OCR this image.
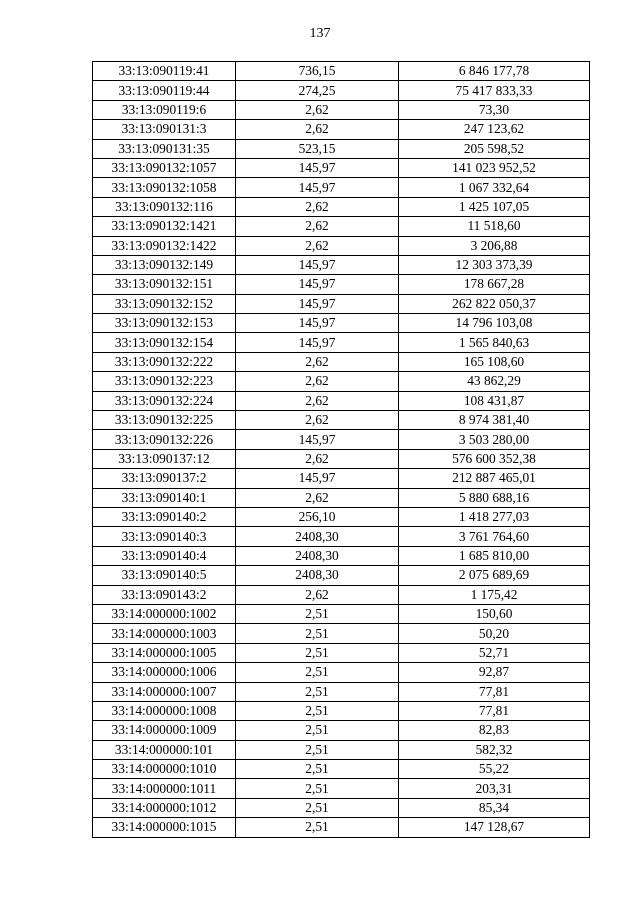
137
33:13:090119:41	736,15	6 846 177,78
33:13:090119:44	274,25	75 417 833,33
33:13:090119:6	2,62	73,30
33:13:090131:3	2,62	247 123,62
33:13:090131:35	523,15	205 598,52
33:13:090132:1057	145,97	141 023 952,52
33:13:090132:1058	145,97	1 067 332,64
33:13:090132:116	2,62	1 425 107,05
33:13:090132:1421	2,62	11 518,60
33:13:090132:1422	2,62	3 206,88
33:13:090132:149	145,97	12 303 373,39
33:13:090132:151	145,97	178 667,28
33:13:090132:152	145,97	262 822 050,37
33:13:090132:153	145,97	14 796 103,08
33:13:090132:154	145,97	1 565 840,63
33:13:090132:222	2,62	165 108,60
33:13:090132:223	2,62	43 862,29
33:13:090132:224	2,62	108 431,87
33:13:090132:225	2,62	8 974 381,40
33:13:090132:226	145,97	3 503 280,00
33:13:090137:12	2,62	576 600 352,38
33:13:090137:2	145,97	212 887 465,01
33:13:090140:1	2,62	5 880 688,16
33:13:090140:2	256,10	1 418 277,03
33:13:090140:3	2408,30	3 761 764,60
33:13:090140:4	2408,30	1 685 810,00
33:13:090140:5	2408,30	2 075 689,69
33:13:090143:2	2,62	1 175,42
33:14:000000:1002	2,51	150,60
33:14:000000:1003	2,51	50,20
33:14:000000:1005	2,51	52,71
33:14:000000:1006	2,51	92,87
33:14:000000:1007	2,51	77,81
33:14:000000:1008	2,51	77,81
33:14:000000:1009	2,51	82,83
33:14:000000:101	2,51	582,32
33:14:000000:1010	2,51	55,22
33:14:000000:1011	2,51	203,31
33:14:000000:1012	2,51	85,34
33:14:000000:1015	2,51	147 128,67
